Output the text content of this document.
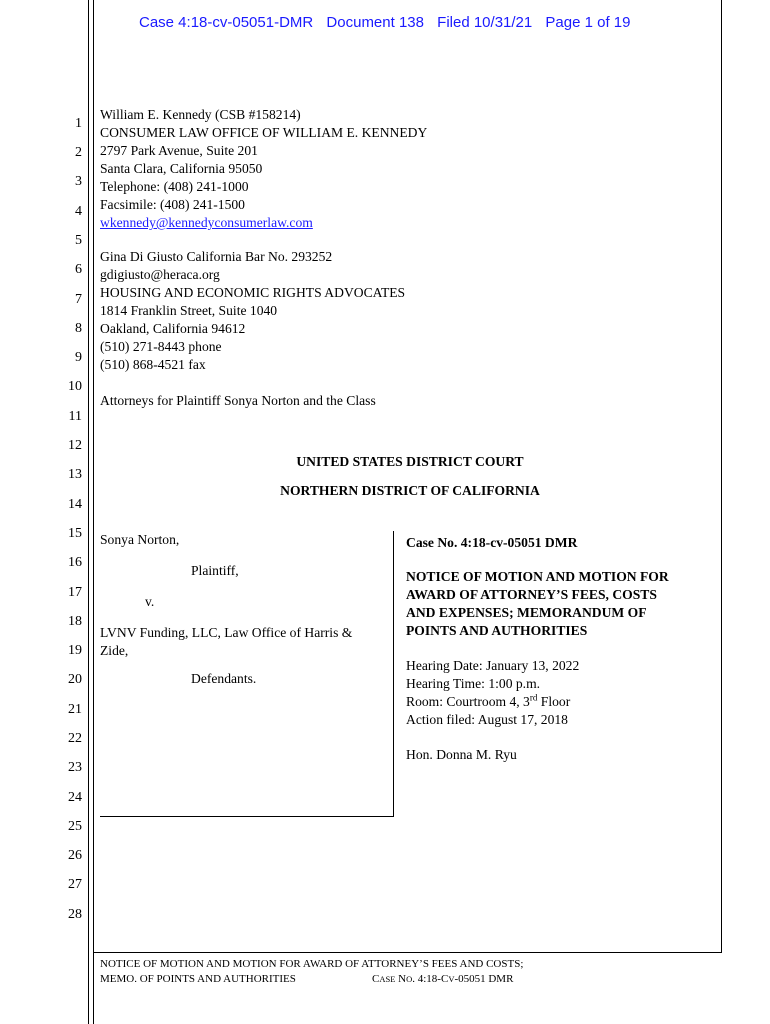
Case 4:18-cv-05051-DMR Document 138 Filed 10/31/21 Page 1 of 19
1
2
3
4
5
6
7
8
9
10
11
12
13
14
15
16
17
18
19
20
21
22
23
24
25
26
27
28
William E. Kennedy (CSB #158214)
CONSUMER LAW OFFICE OF WILLIAM E. KENNEDY
2797 Park Avenue, Suite 201
Santa Clara, California 95050
Telephone: (408) 241-1000
Facsimile: (408) 241-1500
wkennedy@kennedyconsumerlaw.com
Gina Di Giusto California Bar No. 293252
gdigiusto@heraca.org
HOUSING AND ECONOMIC RIGHTS ADVOCATES
1814 Franklin Street, Suite 1040
Oakland, California 94612
(510) 271-8443 phone
(510) 868-4521 fax
Attorneys for Plaintiff Sonya Norton and the Class
UNITED STATES DISTRICT COURT
NORTHERN DISTRICT OF CALIFORNIA
Sonya Norton,
Plaintiff,
v.
LVNV Funding, LLC, Law Office of Harris &
Zide,
Defendants.
Case No. 4:18-cv-05051 DMR
NOTICE OF MOTION AND MOTION FOR
AWARD OF ATTORNEY’S FEES, COSTS
AND EXPENSES; MEMORANDUM OF
POINTS AND AUTHORITIES
Hearing Date: January 13, 2022
Hearing Time: 1:00 p.m.
Room: Courtroom 4, 3rd Floor
Action filed: August 17, 2018
Hon. Donna M. Ryu
NOTICE OF MOTION AND MOTION FOR AWARD OF ATTORNEY’S FEES AND COSTS;
MEMO. OF POINTS AND AUTHORITIES	CASE NO. 4:18-CV-05051 DMR
